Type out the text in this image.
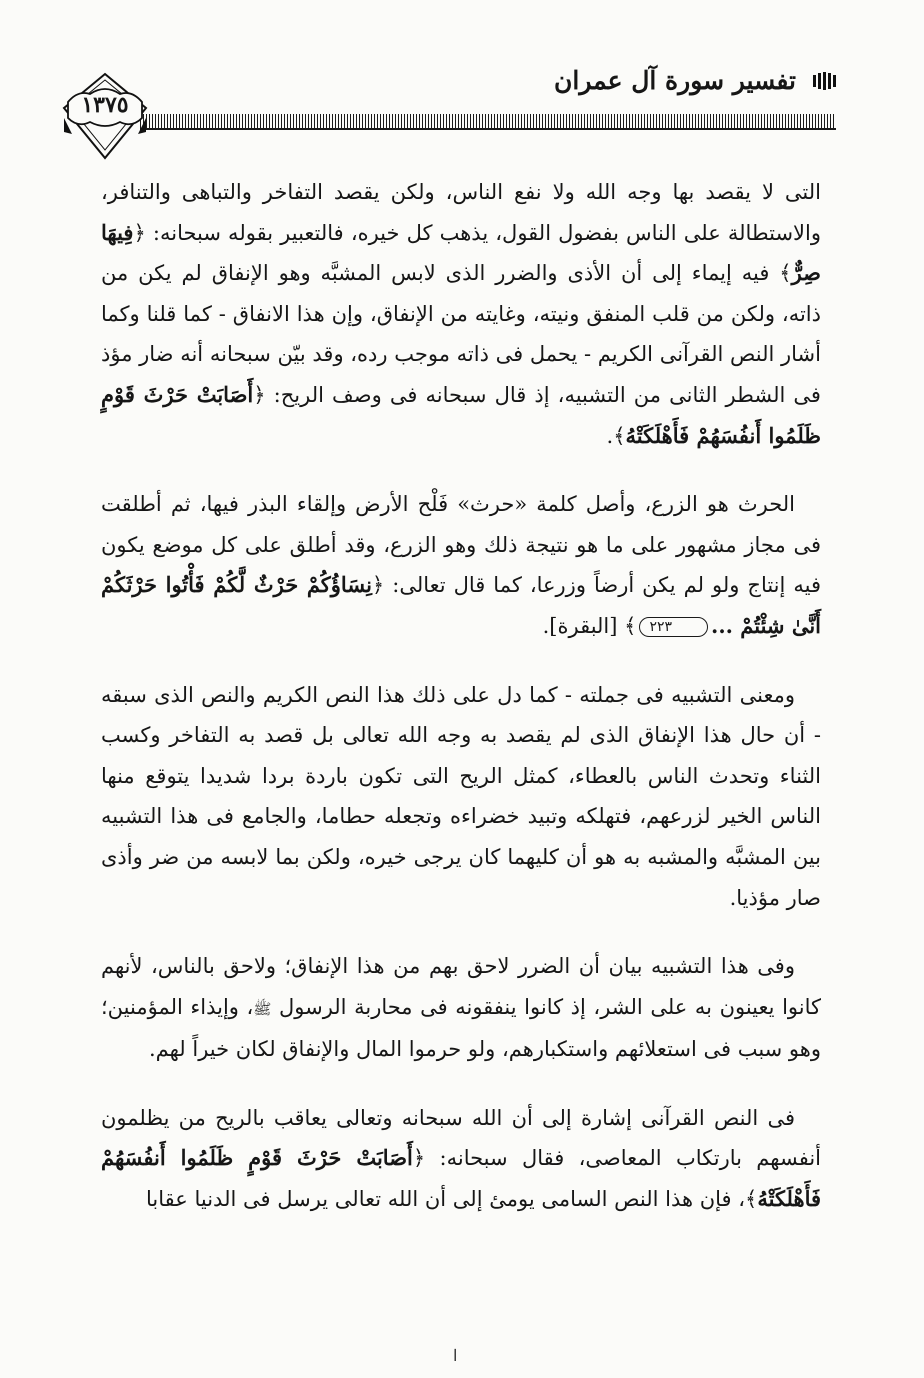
تفسير سورة آل عمران
١٣٧٥

التى لا يقصد بها وجه الله ولا نفع الناس، ولكن يقصد التفاخر والتباهى والتنافر، والاستطالة على الناس بفضول القول، يذهب كل خيره، فالتعبير بقوله سبحانه: ﴿فِيهَا صِرٌّ﴾ فيه إيماء إلى أن الأذى والضرر الذى لابس المشبَّه وهو الإنفاق لم يكن من ذاته، ولكن من قلب المنفق ونيته، وغايته من الإنفاق، وإن هذا الانفاق - كما قلنا وكما أشار النص القرآنى الكريم - يحمل فى ذاته موجب رده، وقد بيّن سبحانه أنه ضار مؤذ فى الشطر الثانى من التشبيه، إذ قال سبحانه فى وصف الريح: ﴿أَصَابَتْ حَرْثَ قَوْمٍ ظَلَمُوا أَنفُسَهُمْ فَأَهْلَكَتْهُ﴾.

الحرث هو الزرع، وأصل كلمة «حرث» فَلْح الأرض وإلقاء البذر فيها، ثم أطلقت فى مجاز مشهور على ما هو نتيجة ذلك وهو الزرع، وقد أطلق على كل موضع يكون فيه إنتاج ولو لم يكن أرضاً وزرعا، كما قال تعالى: ﴿نِسَاؤُكُمْ حَرْثٌ لَّكُمْ فَأْتُوا حَرْثَكُمْ أَنَّىٰ شِئْتُمْ ...٢٢٣﴾ [البقرة].

ومعنى التشبيه فى جملته - كما دل على ذلك هذا النص الكريم والنص الذى سبقه - أن حال هذا الإنفاق الذى لم يقصد به وجه الله تعالى بل قصد به التفاخر وكسب الثناء وتحدث الناس بالعطاء، كمثل الريح التى تكون باردة بردا شديدا يتوقع منها الناس الخير لزرعهم، فتهلكه وتبيد خضراءه وتجعله حطاما، والجامع فى هذا التشبيه بين المشبَّه والمشبه به هو أن كليهما كان يرجى خيره، ولكن بما لابسه من ضر وأذى صار مؤذيا.

وفى هذا التشبيه بيان أن الضرر لاحق بهم من هذا الإنفاق؛ ولاحق بالناس، لأنهم كانوا يعينون به على الشر، إذ كانوا ينفقونه فى محاربة الرسول ﷺ، وإيذاء المؤمنين؛ وهو سبب فى استعلائهم واستكبارهم، ولو حرموا المال والإنفاق لكان خيراً لهم.

فى النص القرآنى إشارة إلى أن الله سبحانه وتعالى يعاقب بالريح من يظلمون أنفسهم بارتكاب المعاصى، فقال سبحانه: ﴿أَصَابَتْ حَرْثَ قَوْمٍ ظَلَمُوا أَنفُسَهُمْ فَأَهْلَكَتْهُ﴾، فإن هذا النص السامى يومئ إلى أن الله تعالى يرسل فى الدنيا عقابا

ا
